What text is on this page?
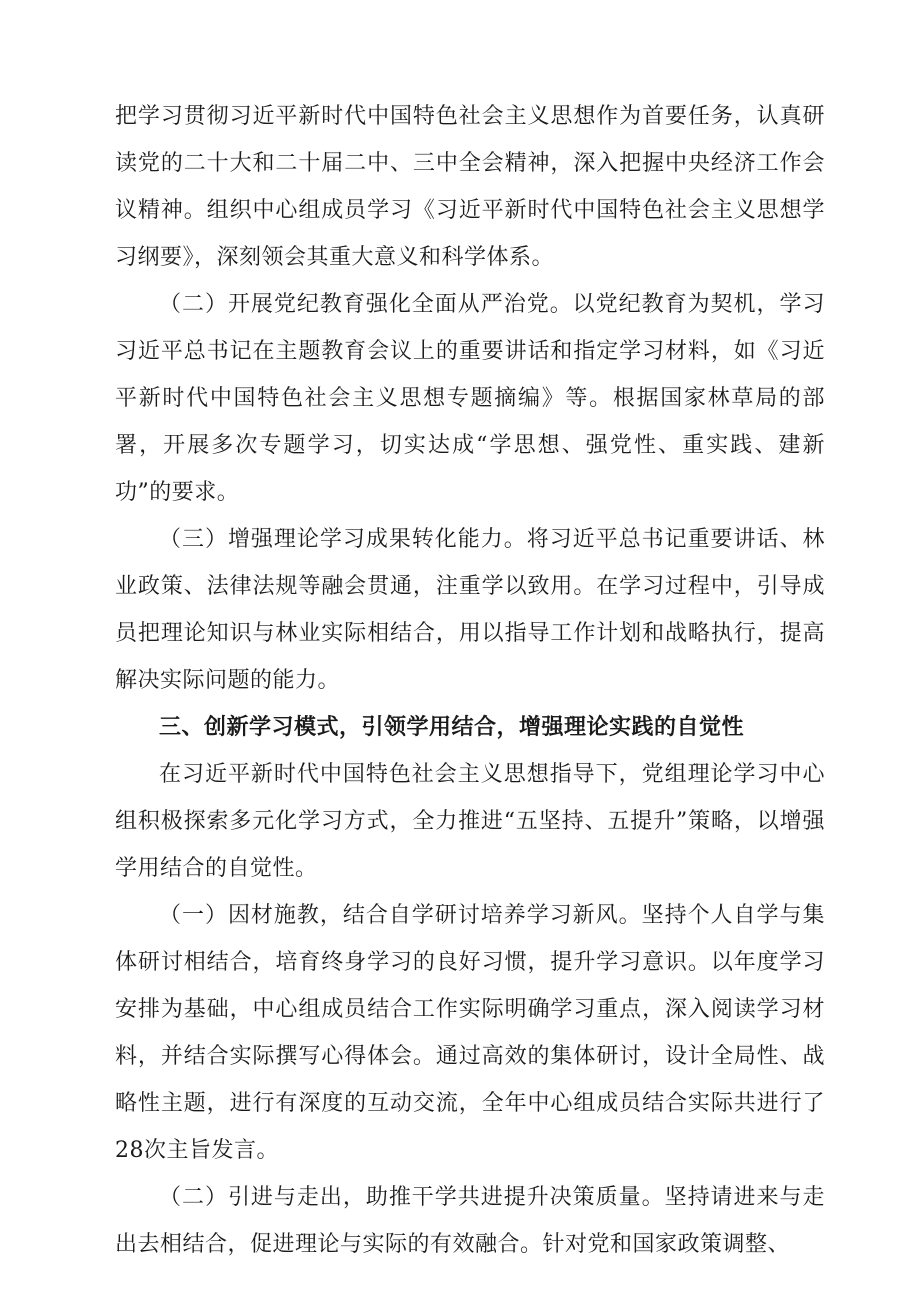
把学习贯彻习近平新时代中国特色社会主义思想作为首要任务，认真研读党的二十大和二十届二中、三中全会精神，深入把握中央经济工作会议精神。组织中心组成员学习《习近平新时代中国特色社会主义思想学习纲要》，深刻领会其重大意义和科学体系。

（二）开展党纪教育强化全面从严治党。以党纪教育为契机，学习习近平总书记在主题教育会议上的重要讲话和指定学习材料，如《习近平新时代中国特色社会主义思想专题摘编》等。根据国家林草局的部署，开展多次专题学习，切实达成“学思想、强党性、重实践、建新功”的要求。

（三）增强理论学习成果转化能力。将习近平总书记重要讲话、林业政策、法律法规等融会贯通，注重学以致用。在学习过程中，引导成员把理论知识与林业实际相结合，用以指导工作计划和战略执行，提高解决实际问题的能力。

三、创新学习模式，引领学用结合，增强理论实践的自觉性

在习近平新时代中国特色社会主义思想指导下，党组理论学习中心组积极探索多元化学习方式，全力推进“五坚持、五提升”策略，以增强学用结合的自觉性。

（一）因材施教，结合自学研讨培养学习新风。坚持个人自学与集体研讨相结合，培育终身学习的良好习惯，提升学习意识。以年度学习安排为基础，中心组成员结合工作实际明确学习重点，深入阅读学习材料，并结合实际撰写心得体会。通过高效的集体研讨，设计全局性、战略性主题，进行有深度的互动交流，全年中心组成员结合实际共进行了28次主旨发言。

（二）引进与走出，助推干学共进提升决策质量。坚持请进来与走出去相结合，促进理论与实际的有效融合。针对党和国家政策调整、
